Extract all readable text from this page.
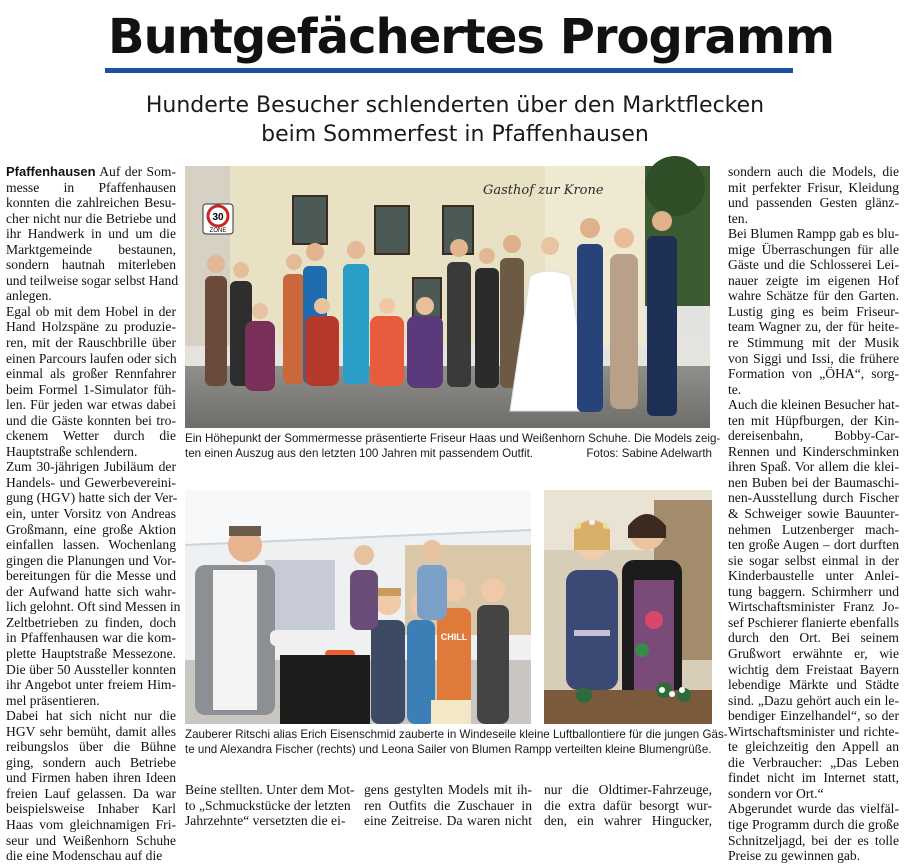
Buntgefächertes Programm
Hunderte Besucher schlenderten über den Marktflecken
beim Sommerfest in Pfaffenhausen
Pfaffenhausen Auf der Som-
messe in Pfaffenhausen
konnten die zahlreichen Besu-
cher nicht nur die Betriebe und
ihr Handwerk in und um die
Marktgemeinde bestaunen,
sondern hautnah miterleben
und teilweise sogar selbst Hand
anlegen.
Egal ob mit dem Hobel in der
Hand Holzspäne zu produzie-
ren, mit der Rauschbrille über
einen Parcours laufen oder sich
einmal als großer Rennfahrer
beim Formel 1-Simulator füh-
len. Für jeden war etwas dabei
und die Gäste konnten bei tro-
ckenem Wetter durch die
Hauptstraße schlendern.
Zum 30-jährigen Jubiläum der
Handels- und Gewerbevereini-
gung (HGV) hatte sich der Ver-
ein, unter Vorsitz von Andreas
Großmann, eine große Aktion
einfallen lassen. Wochenlang
gingen die Planungen und Vor-
bereitungen für die Messe und
der Aufwand hatte sich wahr-
lich gelohnt. Oft sind Messen in
Zeltbetrieben zu finden, doch
in Pfaffenhausen war die kom-
plette Hauptstraße Messezone.
Die über 50 Aussteller konnten
ihr Angebot unter freiem Him-
mel präsentieren.
Dabei hat sich nicht nur die
HGV sehr bemüht, damit alles
reibungslos über die Bühne
ging, sondern auch Betriebe
und Firmen haben ihren Ideen
freien Lauf gelassen. Da war
beispielsweise Inhaber Karl
Haas vom gleichnamigen Fri-
seur und Weißenhorn Schuhe
die eine Modenschau auf die
30
ZONE
Gasthof zur Krone
Ein Höhepunkt der Sommermesse präsentierte Friseur Haas und Weißenhorn Schuhe. Die Models zeig-
ten einen Auszug aus den letzten 100 Jahren mit passendem Outfit.	Fotos: Sabine Adelwarth
CHILL
Zauberer Ritschi alias Erich Eisenschmid zauberte in Windeseile kleine Luftballontiere für die jungen Gäs-
te und Alexandra Fischer (rechts) und Leona Sailer von Blumen Rampp verteilten kleine Blumengrüße.
Beine stellten. Unter dem Mot-
to „Schmuckstücke der letzten
Jahrzehnte“ versetzten die ei-
gens gestylten Models mit ih-
ren Outfits die Zuschauer in
eine Zeitreise. Da waren nicht
nur die Oldtimer-Fahrzeuge,
die extra dafür besorgt wur-
den, ein wahrer Hingucker,
sondern auch die Models, die
mit perfekter Frisur, Kleidung
und passenden Gesten glänz-
ten.
Bei Blumen Rampp gab es blu-
mige Überraschungen für alle
Gäste und die Schlosserei Lei-
nauer zeigte im eigenen Hof
wahre Schätze für den Garten.
Lustig ging es beim Friseur-
team Wagner zu, der für heite-
re Stimmung mit der Musik
von Siggi und Issi, die frühere
Formation von „ÖHA“, sorg-
te.
Auch die kleinen Besucher hat-
ten mit Hüpfburgen, der Kin-
dereisenbahn, Bobby-Car-
Rennen und Kinderschminken
ihren Spaß. Vor allem die klei-
nen Buben bei der Baumaschi-
nen-Ausstellung durch Fischer
& Schweiger sowie Bauunter-
nehmen Lutzenberger mach-
ten große Augen – dort durften
sie sogar selbst einmal in der
Kinderbaustelle unter Anlei-
tung baggern. Schirmherr und
Wirtschaftsminister Franz Jo-
sef Pschierer flanierte ebenfalls
durch den Ort. Bei seinem
Grußwort erwähnte er, wie
wichtig dem Freistaat Bayern
lebendige Märkte und Städte
sind. „Dazu gehört auch ein le-
bendiger Einzelhandel“, so der
Wirtschaftsminister und richte-
te gleichzeitig den Appell an
die Verbraucher: „Das Leben
findet nicht im Internet statt,
sondern vor Ort.“
Abgerundet wurde das vielfäl-
tige Programm durch die große
Schnitzeljagd, bei der es tolle
Preise zu gewinnen gab.
